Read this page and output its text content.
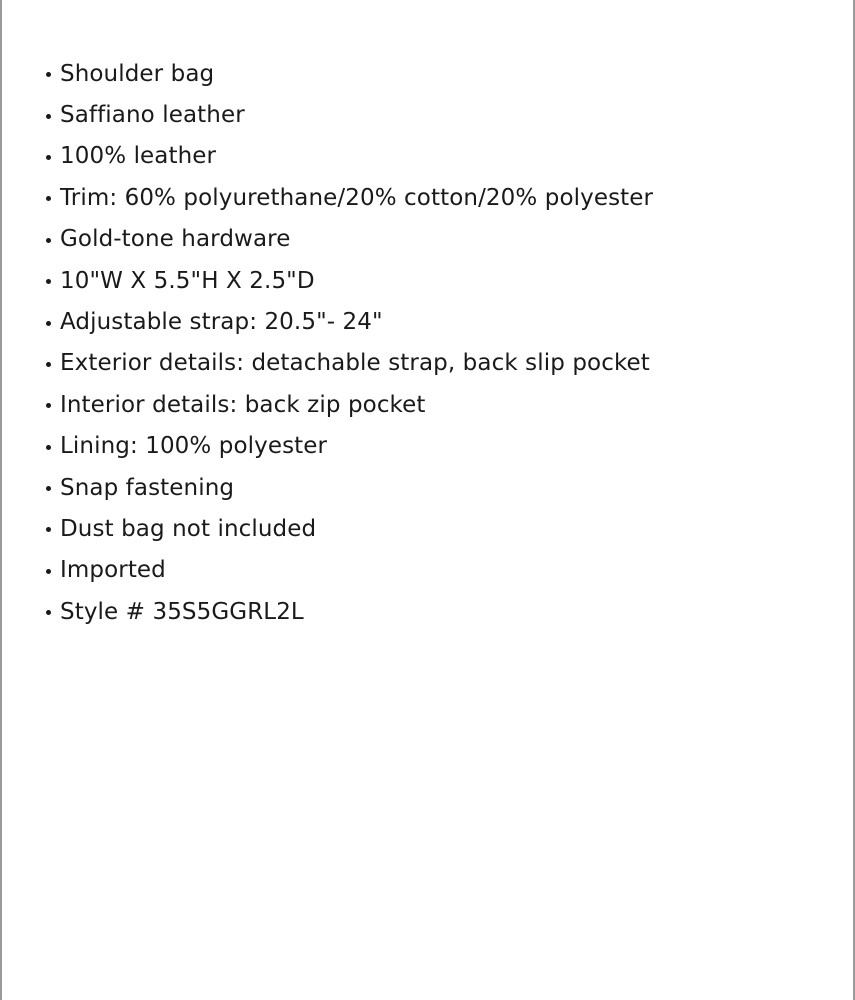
Shoulder bag
Saffiano leather
100% leather
Trim: 60% polyurethane/20% cotton/20% polyester
Gold-tone hardware
10"W X 5.5"H X 2.5"D
Adjustable strap: 20.5"- 24"
Exterior details: detachable strap, back slip pocket
Interior details: back zip pocket
Lining: 100% polyester
Snap fastening
Dust bag not included
Imported
Style # 35S5GGRL2L
